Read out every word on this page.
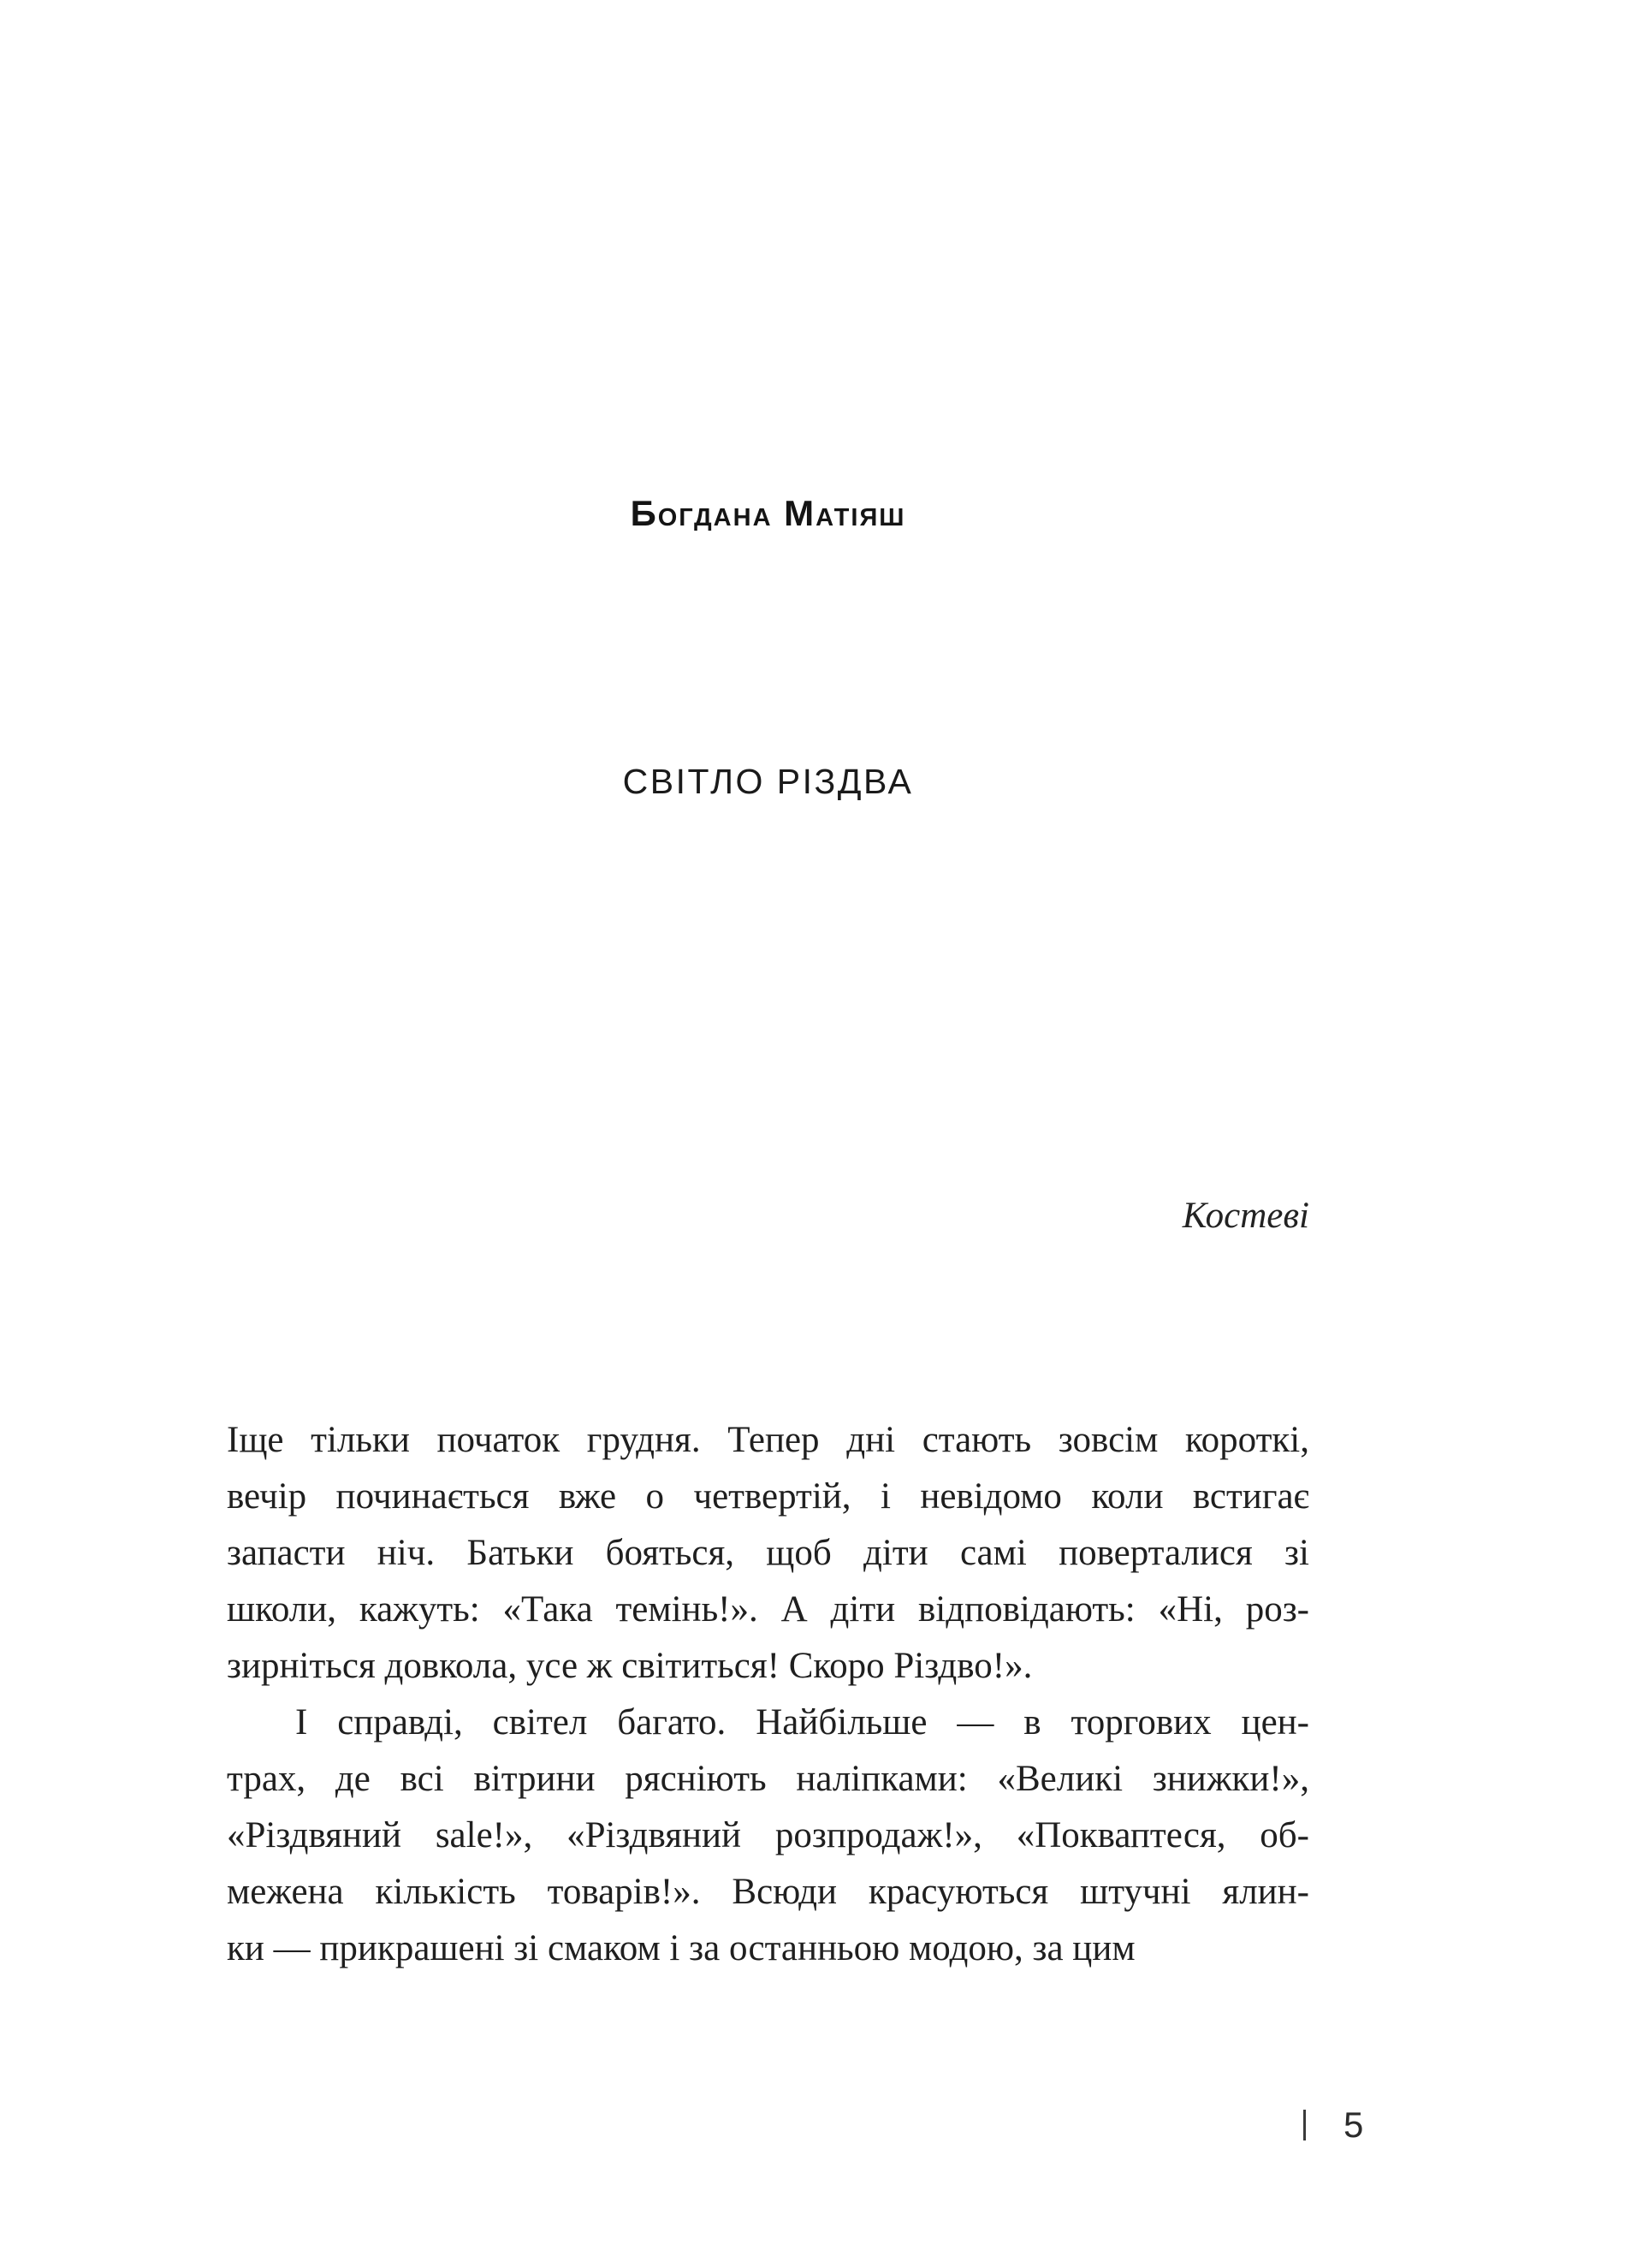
Богдана Матіяш
СВІТЛО РІЗДВА
Костеві
Іще тільки початок грудня. Тепер дні стають зовсім короткі,
вечір починається вже о четвертій, і невідомо коли встигає
запасти ніч. Батьки бояться, щоб діти самі поверталися зі
школи, кажуть: «Така темінь!». А діти відповідають: «Ні, роз-
зирніться довкола, усе ж світиться! Скоро Різдво!».
І справді, світел багато. Найбільше — в торгових цен-
трах, де всі вітрини рясніють наліпками: «Великі знижки!»,
«Різдвяний sale!», «Різдвяний розпродаж!», «Покваптеся, об-
межена кількість товарів!». Всюди красуються штучні ялин-
ки — прикрашені зі смаком і за останньою модою, за цим
5
